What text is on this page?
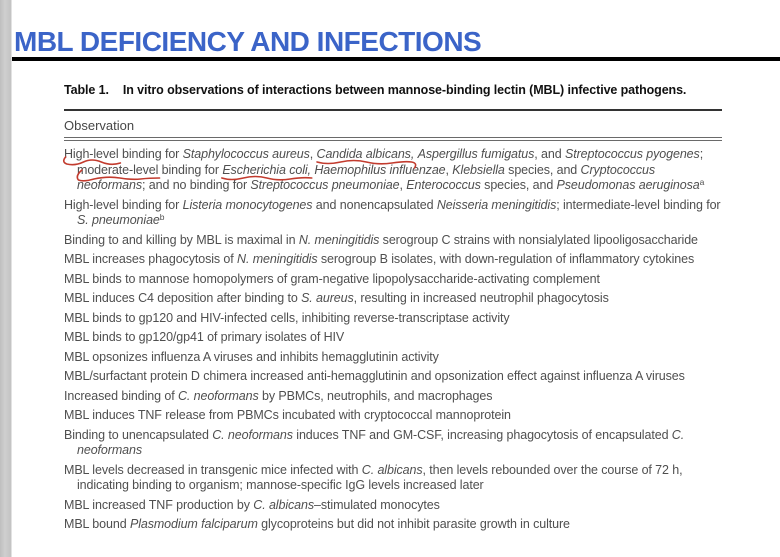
MBL DEFICIENCY AND INFECTIONS

Table 1. In vitro observations of interactions between mannose-binding lectin (MBL) infective pathogens.

Observation

High-level
binding for Staphylococcus aureus, Candida albicans, Aspergillus fumigatus, and Streptococcus pyogenes; moderate-level
binding for Escherichia coli, Haemophilus influenzae, Klebsiella species, and Cryptococcus neoformans; and no binding for Streptococcus pneumoniae, Enterococcus species, and Pseudomonas aeruginosa$^a$

High-level binding for Listeria monocytogenes and nonencapsulated Neisseria meningitidis; intermediate-level binding for S. pneumoniae$^b$

Binding to and killing by MBL is maximal in N. meningitidis serogroup C strains with nonsialylated lipooligosaccharide

MBL increases phagocytosis of N. meningitidis serogroup B isolates, with down-regulation of inflammatory cytokines

MBL binds to mannose homopolymers of gram-negative lipopolysaccharide-activating complement

MBL induces C4 deposition after binding to S. aureus, resulting in increased neutrophil phagocytosis

MBL binds to gp120 and HIV-infected cells, inhibiting reverse-transcriptase activity

MBL binds to gp120/gp41 of primary isolates of HIV

MBL opsonizes influenza A viruses and inhibits hemagglutinin activity

MBL/surfactant protein D chimera increased anti-hemagglutinin and opsonization effect against influenza A viruses

Increased binding of C. neoformans by PBMCs, neutrophils, and macrophages

MBL induces TNF release from PBMCs incubated with cryptococcal mannoprotein

Binding to unencapsulated C. neoformans induces TNF and GM-CSF, increasing phagocytosis of encapsulated C. neoformans

MBL levels decreased in transgenic mice infected with C. albicans, then levels rebounded over the course of 72 h, indicating binding to organism; mannose-specific IgG levels increased later

MBL increased TNF production by C. albicans–stimulated monocytes

MBL bound Plasmodium falciparum glycoproteins but did not inhibit parasite growth in culture
